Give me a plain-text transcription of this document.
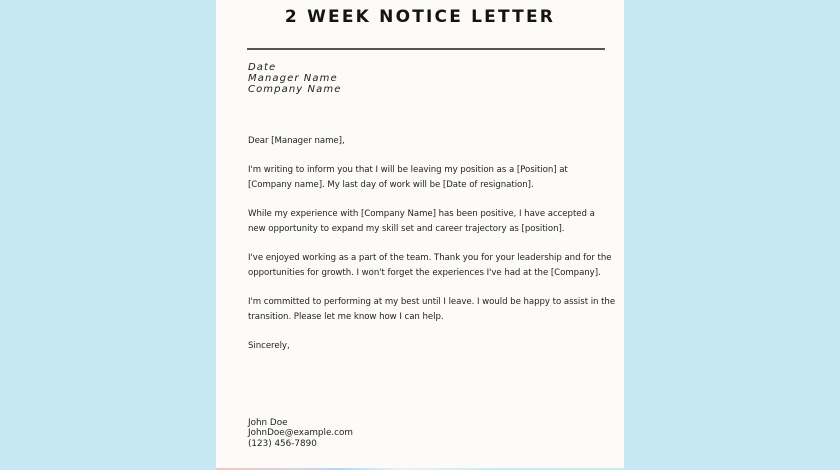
2 WEEK NOTICE LETTER
Date
Manager Name
Company Name

Dear [Manager name],

I'm writing to inform you that I will be leaving my position as a [Position] at

[Company name]. My last day of work will be [Date of resignation].

While my experience with [Company Name] has been positive, I have accepted a

new opportunity to expand my skill set and career trajectory as [position].

I've enjoyed working as a part of the team. Thank you for your leadership and for the

opportunities for growth. I won't forget the experiences I've had at the [Company].

I'm committed to performing at my best until I leave. I would be happy to assist in the

transition. Please let me know how I can help.

Sincerely,

John Doe
JohnDoe@example.com
(123) 456-7890
